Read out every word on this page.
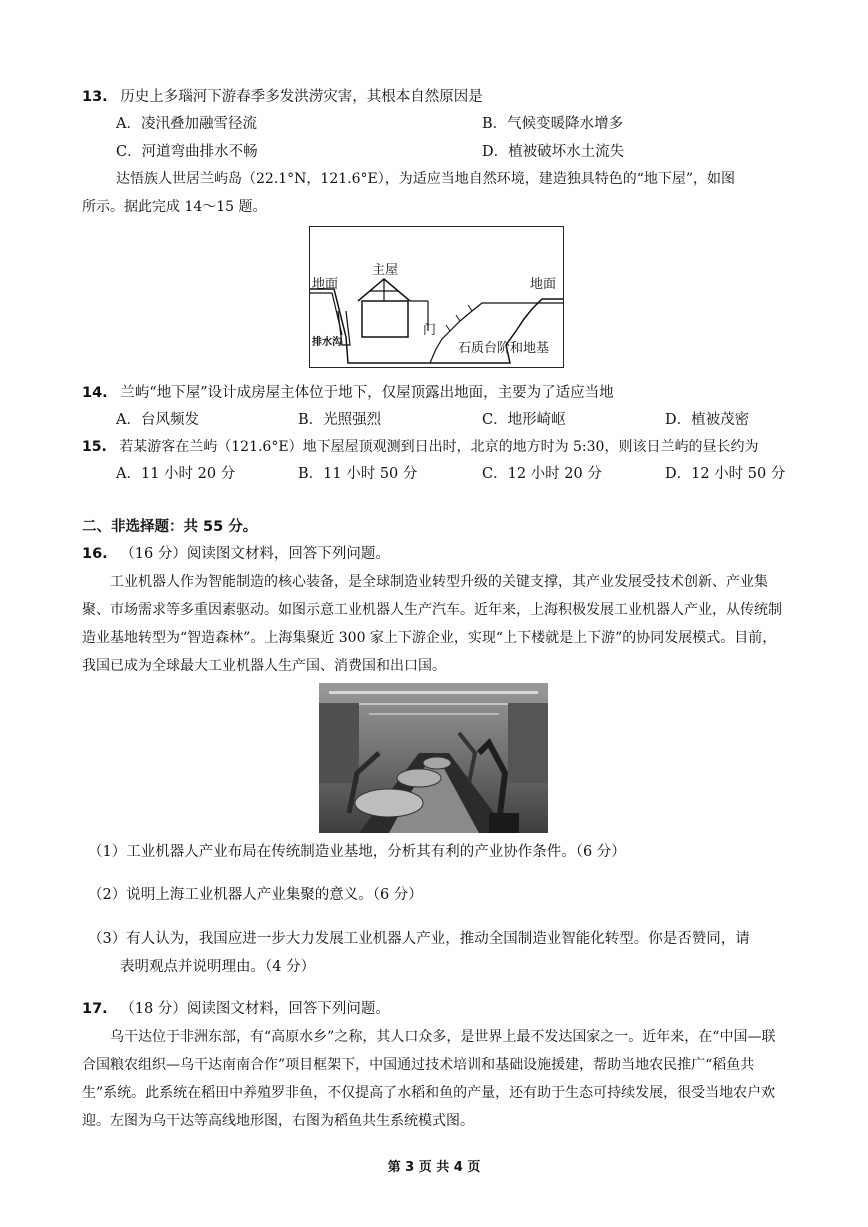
13. 历史上多瑙河下游春季多发洪涝灾害，其根本自然原因是
A．凌汛叠加融雪径流	B．气候变暖降水增多
C．河道弯曲排水不畅	D．植被破坏水土流失
达悟族人世居兰屿岛（22.1°N，121.6°E），为适应当地自然环境，建造独具特色的“地下屋”，如图
所示。据此完成 14～15 题。
地面	地面
主屋
门
排水沟	石质台阶和地基
14. 兰屿“地下屋”设计成房屋主体位于地下，仅屋顶露出地面，主要为了适应当地
A．台风频发	B．光照强烈	C．地形崎岖	D．植被茂密
15. 若某游客在兰屿（121.6°E）地下屋屋顶观测到日出时，北京的地方时为 5:30，则该日兰屿的昼长约为
A．11 小时 20 分	B．11 小时 50 分	C．12 小时 20 分	D．12 小时 50 分
二、非选择题：共 55 分。
16. （16 分）阅读图文材料，回答下列问题。
工业机器人作为智能制造的核心装备，是全球制造业转型升级的关键支撑，其产业发展受技术创新、产业集聚、市场需求等多重因素驱动。如图示意工业机器人生产汽车。近年来，上海积极发展工业机器人产业，从传统制造业基地转型为“智造森林”。上海集聚近 300 家上下游企业，实现“上下楼就是上下游”的协同发展模式。目前，我国已成为全球最大工业机器人生产国、消费国和出口国。
（1）工业机器人产业布局在传统制造业基地，分析其有利的产业协作条件。（6 分）
（2）说明上海工业机器人产业集聚的意义。（6 分）
（3）有人认为，我国应进一步大力发展工业机器人产业，推动全国制造业智能化转型。你是否赞同，请
表明观点并说明理由。（4 分）
17. （18 分）阅读图文材料，回答下列问题。
乌干达位于非洲东部，有“高原水乡”之称，其人口众多，是世界上最不发达国家之一。近年来，在“中国—联合国粮农组织—乌干达南南合作”项目框架下，中国通过技术培训和基础设施援建，帮助当地农民推广“稻鱼共生”系统。此系统在稻田中养殖罗非鱼，不仅提高了水稻和鱼的产量，还有助于生态可持续发展，很受当地农户欢迎。左图为乌干达等高线地形图，右图为稻鱼共生系统模式图。
第 3 页 共 4 页
